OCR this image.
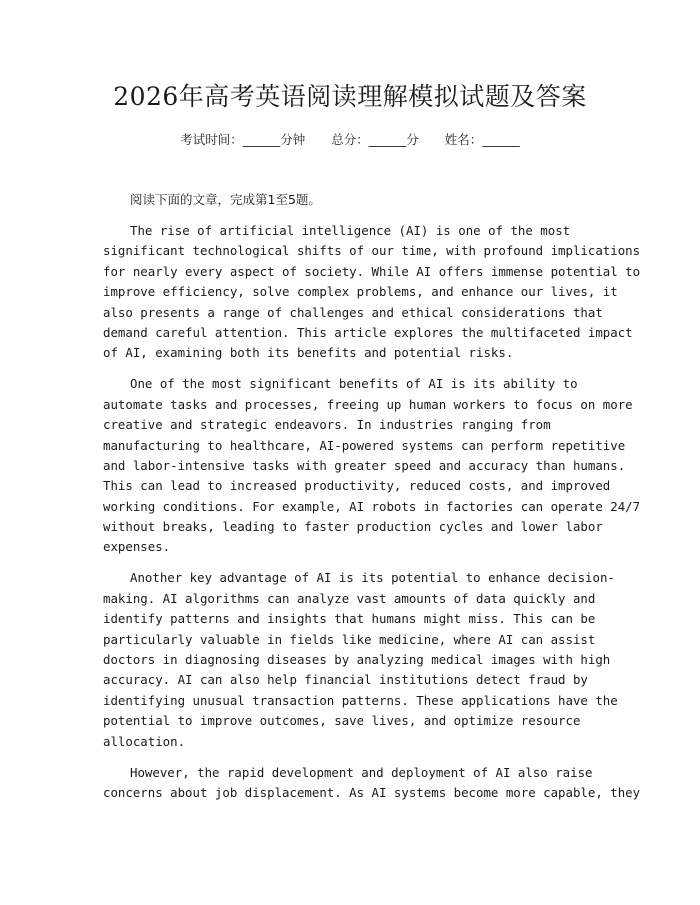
2026年高考英语阅读理解模拟试题及答案
考试时间：______分钟 总分：______分 姓名：______

阅读下面的文章，完成第1至5题。

The rise of artificial intelligence (AI) is one of the most
significant technological shifts of our time, with profound implications
for nearly every aspect of society. While AI offers immense potential to
improve efficiency, solve complex problems, and enhance our lives, it
also presents a range of challenges and ethical considerations that
demand careful attention. This article explores the multifaceted impact
of AI, examining both its benefits and potential risks.
One of the most significant benefits of AI is its ability to
automate tasks and processes, freeing up human workers to focus on more
creative and strategic endeavors. In industries ranging from
manufacturing to healthcare, AI-powered systems can perform repetitive
and labor-intensive tasks with greater speed and accuracy than humans.
This can lead to increased productivity, reduced costs, and improved
working conditions. For example, AI robots in factories can operate 24/7
without breaks, leading to faster production cycles and lower labor
expenses.
Another key advantage of AI is its potential to enhance decision-
making. AI algorithms can analyze vast amounts of data quickly and
identify patterns and insights that humans might miss. This can be
particularly valuable in fields like medicine, where AI can assist
doctors in diagnosing diseases by analyzing medical images with high
accuracy. AI can also help financial institutions detect fraud by
identifying unusual transaction patterns. These applications have the
potential to improve outcomes, save lives, and optimize resource
allocation.
However, the rapid development and deployment of AI also raise
concerns about job displacement. As AI systems become more capable, they
